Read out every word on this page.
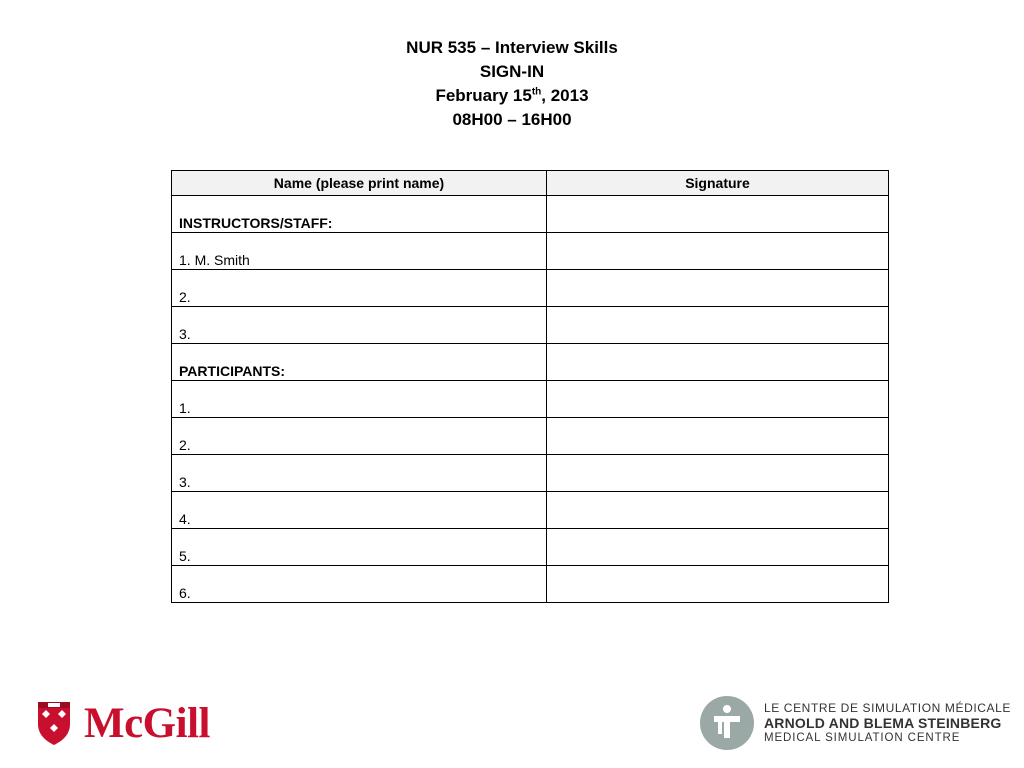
NUR 535 – Interview Skills
SIGN-IN
February 15th, 2013
08H00 – 16H00
Name (please print name)	Signature
INSTRUCTORS/STAFF:	
1. M. Smith	
2.	
3.	
PARTICIPANTS:	
1.	
2.	
3.	
4.	
5.	
6.	
McGill	LE CENTRE DE SIMULATION MÉDICALE
ARNOLD AND BLEMA STEINBERG
MEDICAL SIMULATION CENTRE
